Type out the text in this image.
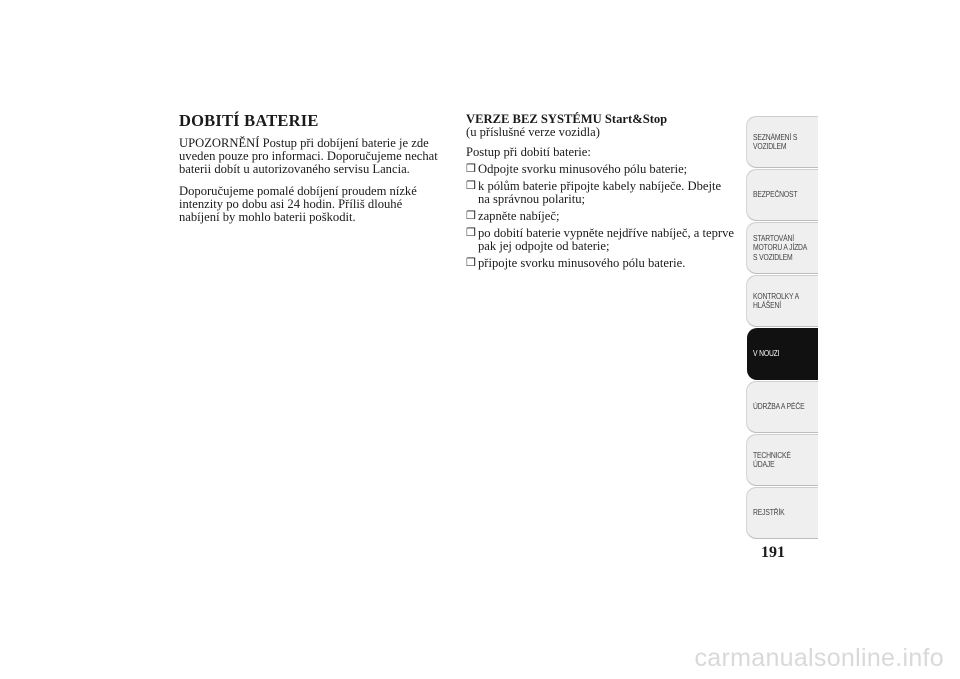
DOBITÍ BATERIE

UPOZORNĚNÍ Postup při dobíjení baterie je zde uveden pouze pro informaci. Doporučujeme nechat baterii dobít u autorizovaného servisu Lancia.

Doporučujeme pomalé dobíjení proudem nízké intenzity po dobu asi 24 hodin. Příliš dlouhé nabíjení by mohlo baterii poškodit.

VERZE BEZ SYSTÉMU Start&Stop
(u příslušné verze vozidla)
Postup při dobití baterie:
❒ Odpojte svorku minusového pólu baterie;
❒ k pólům baterie připojte kabely nabíječe. Dbejte na správnou polaritu;
❒ zapněte nabíječ;
❒ po dobití baterie vypněte nejdříve nabíječ, a teprve pak jej odpojte od baterie;
❒ připojte svorku minusového pólu baterie.
SEZNÁMENÍ S
VOZIDLEM
BEZPEČNOST
STARTOVÁNÍ
MOTORU A JÍZDA
S VOZIDLEM
KONTROLKY A
HLÁŠENÍ
V NOUZI
ÚDRŽBA A PÉČE
TECHNICKÉ
ÚDAJE
REJSTŘÍK
191
carmanualsonline.info
